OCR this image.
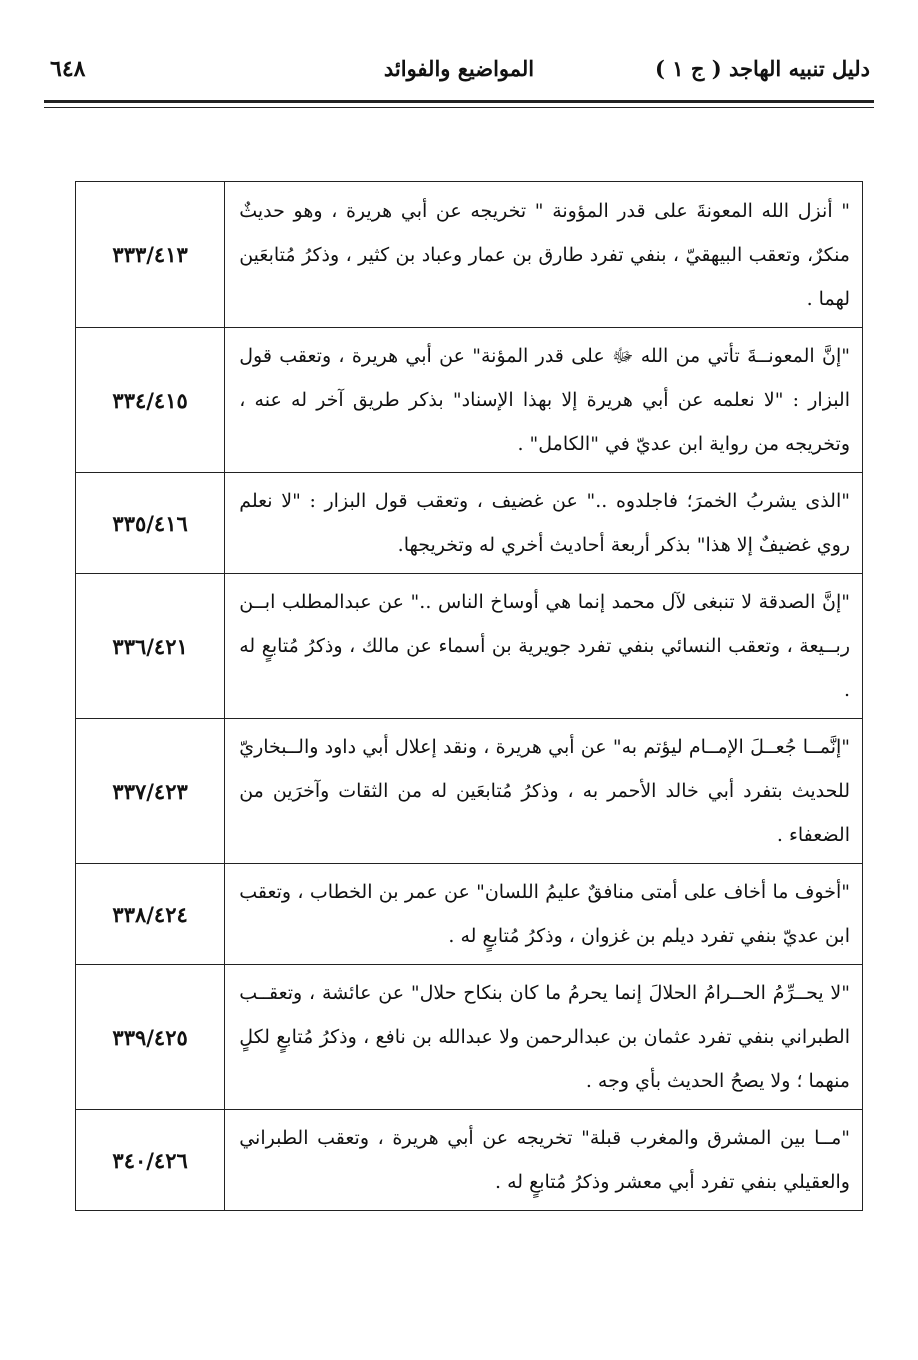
دليل تنبيه الهاجد ( ج ١ )
المواضيع والفوائد
٦٤٨
" أنزل الله المعونةَ على قدر المؤونة " تخريجه عن أبي هريرة ، وهو حديثٌ منكرٌ، وتعقب البيهقيّ ، بنفي تفرد طارق بن عمار وعباد بن كثير ، وذكرُ مُتابعَين لهما .	٣٣٣/٤١٣
"إنَّ المعونــةَ تأتي من الله ﷻ على قدر المؤنة" عن أبي هريرة ، وتعقب قول البزار : "لا نعلمه عن أبي هريرة إلا بهذا الإسناد" بذكر طريق آخر له عنه ، وتخريجه من رواية ابن عديّ في "الكامل" .	٣٣٤/٤١٥
"الذى يشربُ الخمرَ؛ فاجلدوه .." عن غضيف ، وتعقب قول البزار : "لا نعلم روي غضيفٌ إلا هذا" بذكر أربعة أحاديث أخري له وتخريجها.	٣٣٥/٤١٦
"إنَّ الصدقة لا تنبغى لآل محمد إنما هي أوساخ الناس .." عن عبدالمطلب ابــن ربــيعة ، وتعقب النسائي بنفي تفرد جويرية بن أسماء عن مالك ، وذكرُ مُتابعٍ له .	٣٣٦/٤٢١
"إنَّمــا جُعــلَ الإمــام ليؤتم به" عن أبي هريرة ، ونقد إعلال أبي داود والــبخاريّ للحديث بتفرد أبي خالد الأحمر به ، وذكرُ مُتابعَين له من الثقات وآخرَين من الضعفاء .	٣٣٧/٤٢٣
"أخوف ما أخاف على أمتى منافقٌ عليمُ اللسان" عن عمر بن الخطاب ، وتعقب ابن عديّ بنفي تفرد ديلم بن غزوان ، وذكرُ مُتابعٍ له .	٣٣٨/٤٢٤
"لا يحــرِّمُ الحــرامُ الحلالَ إنما يحرمُ ما كان بنكاح حلال" عن عائشة ، وتعقــب الطبراني بنفي تفرد عثمان بن عبدالرحمن ولا عبدالله بن نافع ، وذكرُ مُتابعٍ لكلٍ منهما ؛ ولا يصحُ الحديث بأي وجه .	٣٣٩/٤٢٥
"مــا بين المشرق والمغرب قبلة" تخريجه عن أبي هريرة ، وتعقب الطبراني والعقيلي بنفي تفرد أبي معشر وذكرُ مُتابعٍ له .	٣٤٠/٤٢٦
